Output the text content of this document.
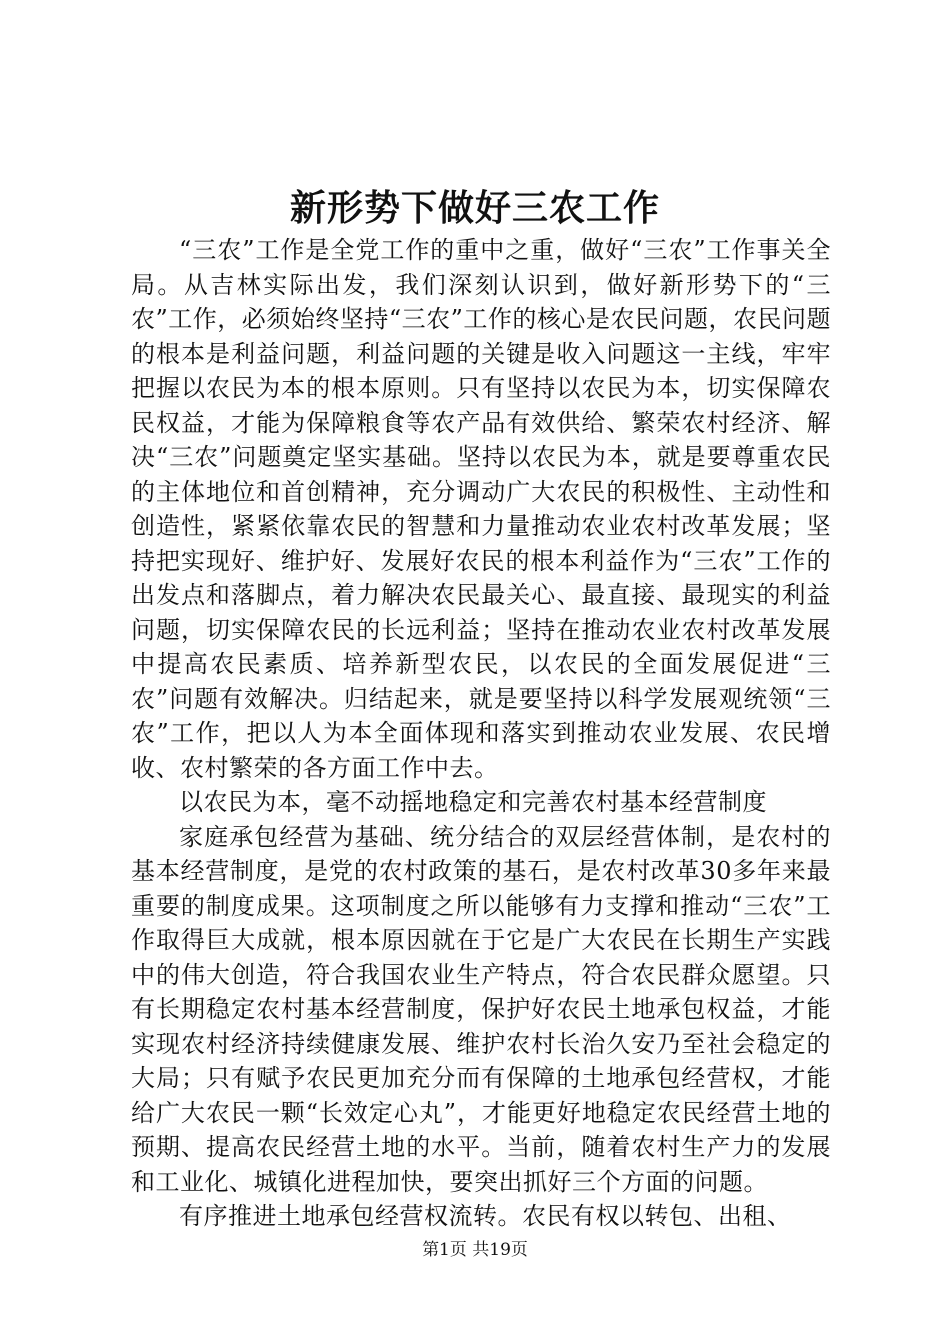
新形势下做好三农工作

“三农”工作是全党工作的重中之重，做好“三农”工作事关全局。从吉林实际出发，我们深刻认识到，做好新形势下的“三农”工作，必须始终坚持“三农”工作的核心是农民问题，农民问题的根本是利益问题，利益问题的关键是收入问题这一主线，牢牢把握以农民为本的根本原则。只有坚持以农民为本，切实保障农民权益，才能为保障粮食等农产品有效供给、繁荣农村经济、解决“三农”问题奠定坚实基础。坚持以农民为本，就是要尊重农民的主体地位和首创精神，充分调动广大农民的积极性、主动性和创造性，紧紧依靠农民的智慧和力量推动农业农村改革发展；坚持把实现好、维护好、发展好农民的根本利益作为“三农”工作的出发点和落脚点，着力解决农民最关心、最直接、最现实的利益问题，切实保障农民的长远利益；坚持在推动农业农村改革发展中提高农民素质、培养新型农民，以农民的全面发展促进“三农”问题有效解决。归结起来，就是要坚持以科学发展观统领“三农”工作，把以人为本全面体现和落实到推动农业发展、农民增收、农村繁荣的各方面工作中去。

以农民为本，毫不动摇地稳定和完善农村基本经营制度

家庭承包经营为基础、统分结合的双层经营体制，是农村的基本经营制度，是党的农村政策的基石，是农村改革30多年来最重要的制度成果。这项制度之所以能够有力支撑和推动“三农”工作取得巨大成就，根本原因就在于它是广大农民在长期生产实践中的伟大创造，符合我国农业生产特点，符合农民群众愿望。只有长期稳定农村基本经营制度，保护好农民土地承包权益，才能实现农村经济持续健康发展、维护农村长治久安乃至社会稳定的大局；只有赋予农民更加充分而有保障的土地承包经营权，才能给广大农民一颗“长效定心丸”，才能更好地稳定农民经营土地的预期、提高农民经营土地的水平。当前，随着农村生产力的发展和工业化、城镇化进程加快，要突出抓好三个方面的问题。

有序推进土地承包经营权流转。农民有权以转包、出租、

第1页 共19页
